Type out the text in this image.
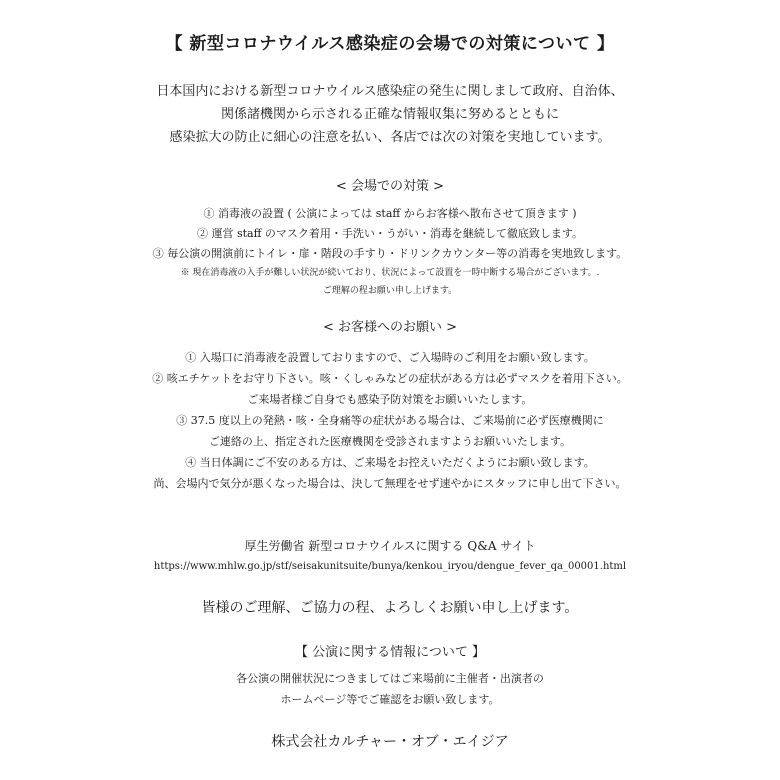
【 新型コロナウイルス感染症の会場での対策について 】
日本国内における新型コロナウイルス感染症の発生に関しまして政府、自治体、
関係諸機関から示される正確な情報収集に努めるとともに
感染拡大の防止に細心の注意を払い、各店では次の対策を実地しています。
< 会場での対策 >
① 消毒液の設置 ( 公演によっては staff からお客様へ散布させて頂きます )
② 運営 staff のマスク着用・手洗い・うがい・消毒を継続して徹底致します。
③ 毎公演の開演前にトイレ・扉・階段の手すり・ドリンクカウンター等の消毒を実地致します。
※ 現在消毒液の入手が難しい状況が続いており、状況によって設置を一時中断する場合がございます。.
ご理解の程お願い申し上げます。
< お客様へのお願い >
① 入場口に消毒液を設置しておりますので、ご入場時のご利用をお願い致します。
② 咳エチケットをお守り下さい。咳・くしゃみなどの症状がある方は必ずマスクを着用下さい。
ご来場者様ご自身でも感染予防対策をお願いいたします。
③ 37.5 度以上の発熱・咳・全身痛等の症状がある場合は、ご来場前に必ず医療機関に
ご連絡の上、指定された医療機関を受診されますようお願いいたします。
④ 当日体調にご不安のある方は、ご来場をお控えいただくようにお願い致します。
尚、会場内で気分が悪くなった場合は、決して無理をせず速やかにスタッフに申し出て下さい。
厚生労働省 新型コロナウイルスに関する Q&A サイト
https://www.mhlw.go.jp/stf/seisakunitsuite/bunya/kenkou_iryou/dengue_fever_qa_00001.html
皆様のご理解、ご協力の程、よろしくお願い申し上げます。
【 公演に関する情報について 】
各公演の開催状況につきましてはご来場前に主催者・出演者の
ホームページ等でご確認をお願い致します。
株式会社カルチャー・オブ・エイジア
